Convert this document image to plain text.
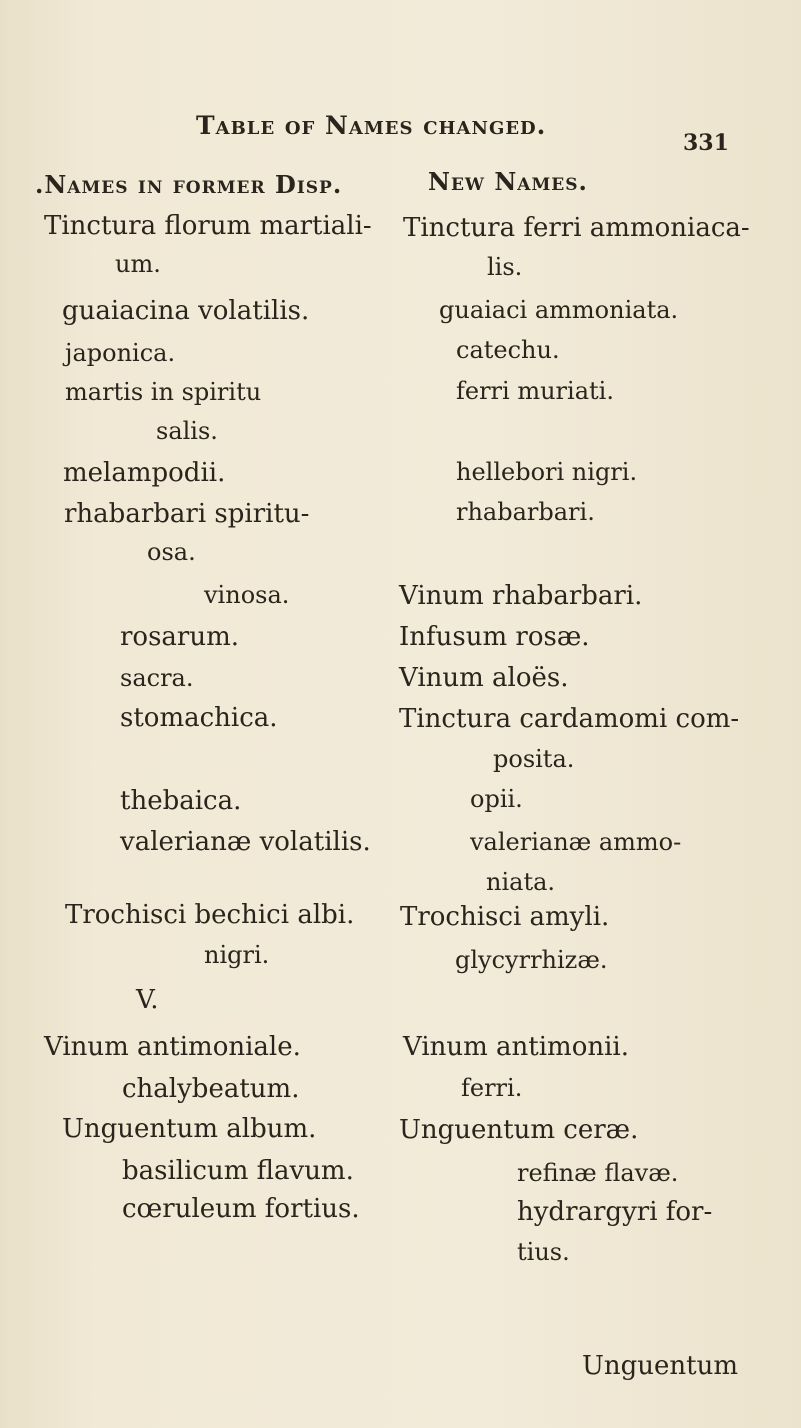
Table of Names changed.
331
.Names in former Disp.	New Names.
Tinctura florum martiali-
um.
guaiacina volatilis.
japonica.
martis in spiritu
salis.
melampodii.
rhabarbari spiritu-
osa.
vinosa.
rosarum.
sacra.
stomachica.
thebaica.
valerianæ volatilis.
Trochisci bechici albi.
nigri.
V.
Vinum antimoniale.
chalybeatum.
Unguentum album.
basilicum flavum.
cœruleum fortius.
Tinctura ferri ammoniaca-
lis.
guaiaci ammoniata.
catechu.
ferri muriati.
hellebori nigri.
rhabarbari.
Vinum rhabarbari.
Infusum rosæ.
Vinum aloës.
Tinctura cardamomi com-
posita.
opii.
valerianæ ammo-
niata.
Trochisci amyli.
glycyrrhizæ.
Vinum antimonii.
ferri.
Unguentum ceræ.
refinæ flavæ.
hydrargyri for-
tius.
Unguentum
